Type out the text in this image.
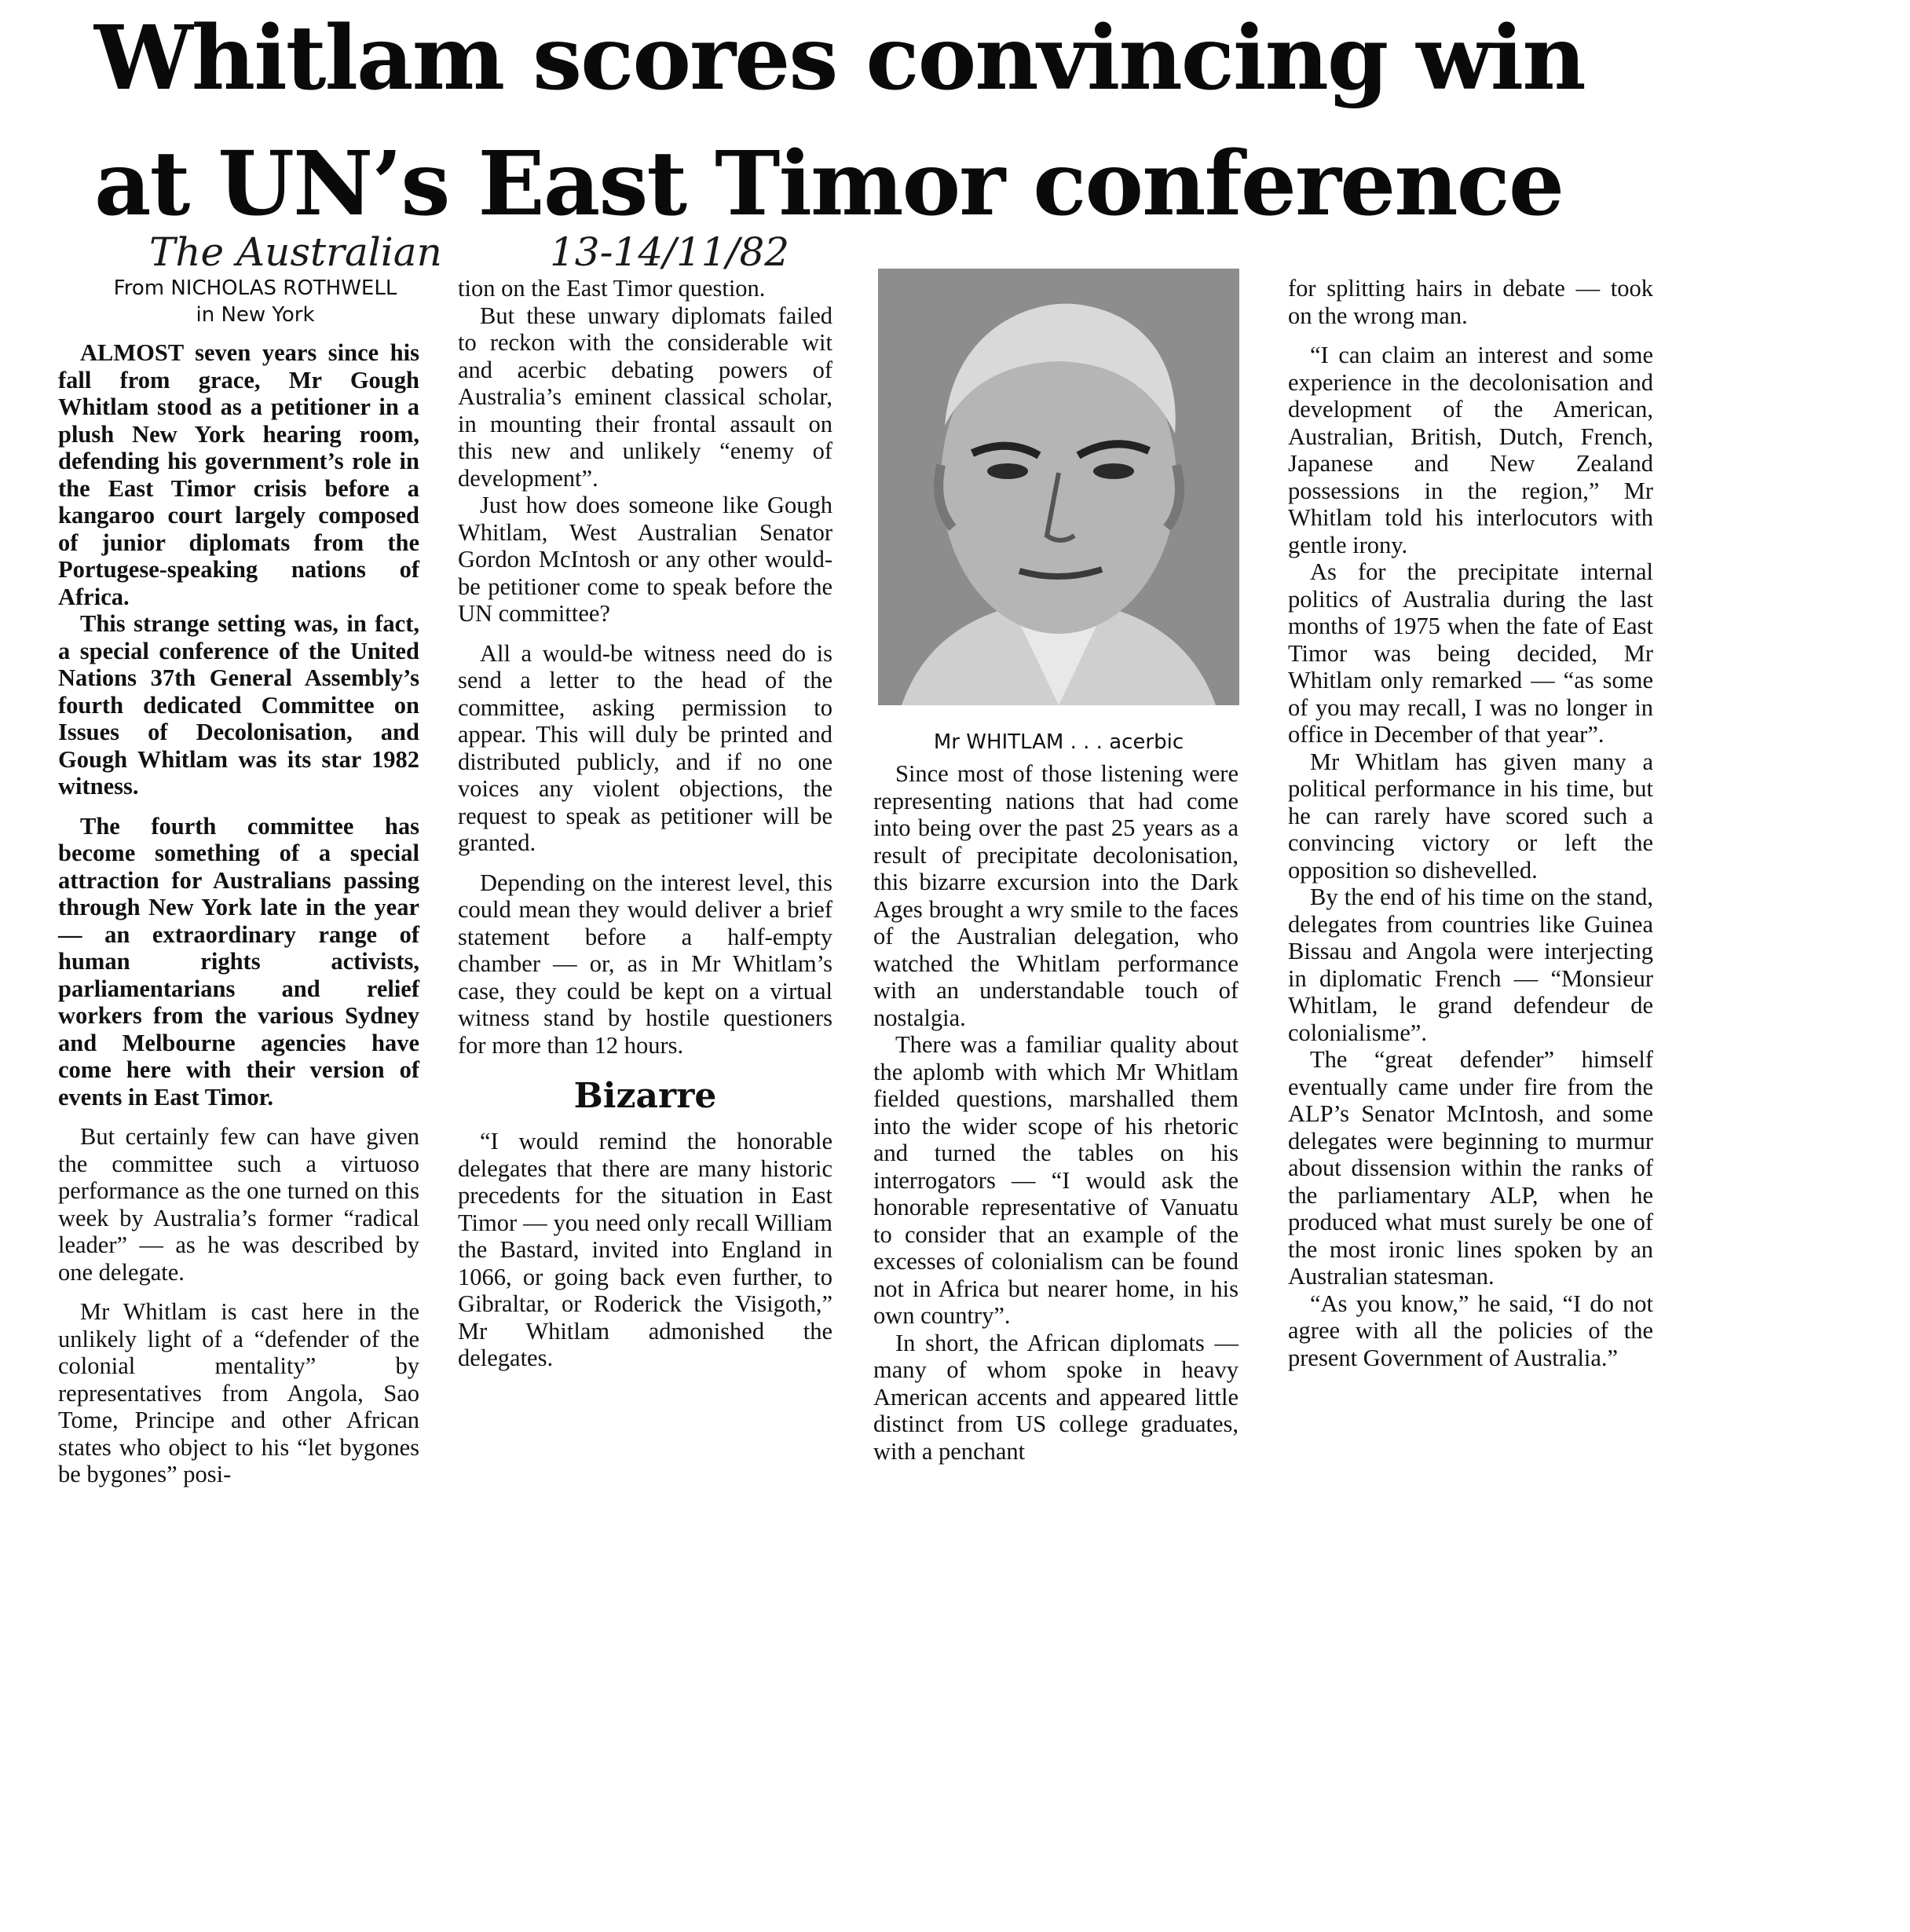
Whitlam scores convincing win
at UN’s East Timor conference
The Australian	13-14/11/82
From NICHOLAS ROTHWELL
in New York

ALMOST seven years since his fall from grace, Mr Gough Whitlam stood as a petitioner in a plush New York hearing room, defending his government’s role in the East Timor crisis before a kangaroo court largely composed of junior diplomats from the Portugese-speaking nations of Africa.

This strange setting was, in fact, a special conference of the United Nations 37th General Assembly’s fourth dedicated Committee on Issues of Decolonisation, and Gough Whitlam was its star 1982 witness.

The fourth committee has become something of a special attraction for Australians passing through New York late in the year — an extraordinary range of human rights activists, parliamentarians and relief workers from the various Sydney and Melbourne agencies have come here with their version of events in East Timor.

But certainly few can have given the committee such a virtuoso performance as the one turned on this week by Australia’s former “radical leader” — as he was described by one delegate.

Mr Whitlam is cast here in the unlikely light of a “defender of the colonial mentality” by representatives from Angola, Sao Tome, Principe and other African states who object to his “let bygones be bygones” posi-

tion on the East Timor question.

But these unwary diplomats failed to reckon with the considerable wit and acerbic debating powers of Australia’s eminent classical scholar, in mounting their frontal assault on this new and unlikely “enemy of development”.

Just how does someone like Gough Whitlam, West Australian Senator Gordon McIntosh or any other would-be petitioner come to speak before the UN committee?

All a would-be witness need do is send a letter to the head of the committee, asking permission to appear. This will duly be printed and distributed publicly, and if no one voices any violent objections, the request to speak as petitioner will be granted.

Depending on the interest level, this could mean they would deliver a brief statement before a half-empty chamber — or, as in Mr Whitlam’s case, they could be kept on a virtual witness stand by hostile questioners for more than 12 hours.

Bizarre

“I would remind the honorable delegates that there are many historic precedents for the situation in East Timor — you need only recall William the Bastard, invited into England in 1066, or going back even further, to Gibraltar, or Roderick the Visigoth,” Mr Whitlam admonished the delegates.

Mr WHITLAM . . . acerbic

Since most of those listening were representing nations that had come into being over the past 25 years as a result of precipitate decolonisation, this bizarre excursion into the Dark Ages brought a wry smile to the faces of the Australian delegation, who watched the Whitlam performance with an understandable touch of nostalgia.

There was a familiar quality about the aplomb with which Mr Whitlam fielded questions, marshalled them into the wider scope of his rhetoric and turned the tables on his interrogators — “I would ask the honorable representative of Vanuatu to consider that an example of the excesses of colonialism can be found not in Africa but nearer home, in his own country”.

In short, the African diplomats — many of whom spoke in heavy American accents and appeared little distinct from US college graduates, with a penchant

for splitting hairs in debate — took on the wrong man.

“I can claim an interest and some experience in the decolonisation and development of the American, Australian, British, Dutch, French, Japanese and New Zealand possessions in the region,” Mr Whitlam told his interlocutors with gentle irony.

As for the precipitate internal politics of Australia during the last months of 1975 when the fate of East Timor was being decided, Mr Whitlam only remarked — “as some of you may recall, I was no longer in office in December of that year”.

Mr Whitlam has given many a political performance in his time, but he can rarely have scored such a convincing victory or left the opposition so dishevelled.

By the end of his time on the stand, delegates from countries like Guinea Bissau and Angola were interjecting in diplomatic French — “Monsieur Whitlam, le grand defendeur de colonialisme”.

The “great defender” himself eventually came under fire from the ALP’s Senator McIntosh, and some delegates were beginning to murmur about dissension within the ranks of the parliamentary ALP, when he produced what must surely be one of the most ironic lines spoken by an Australian statesman.

“As you know,” he said, “I do not agree with all the policies of the present Government of Australia.”
